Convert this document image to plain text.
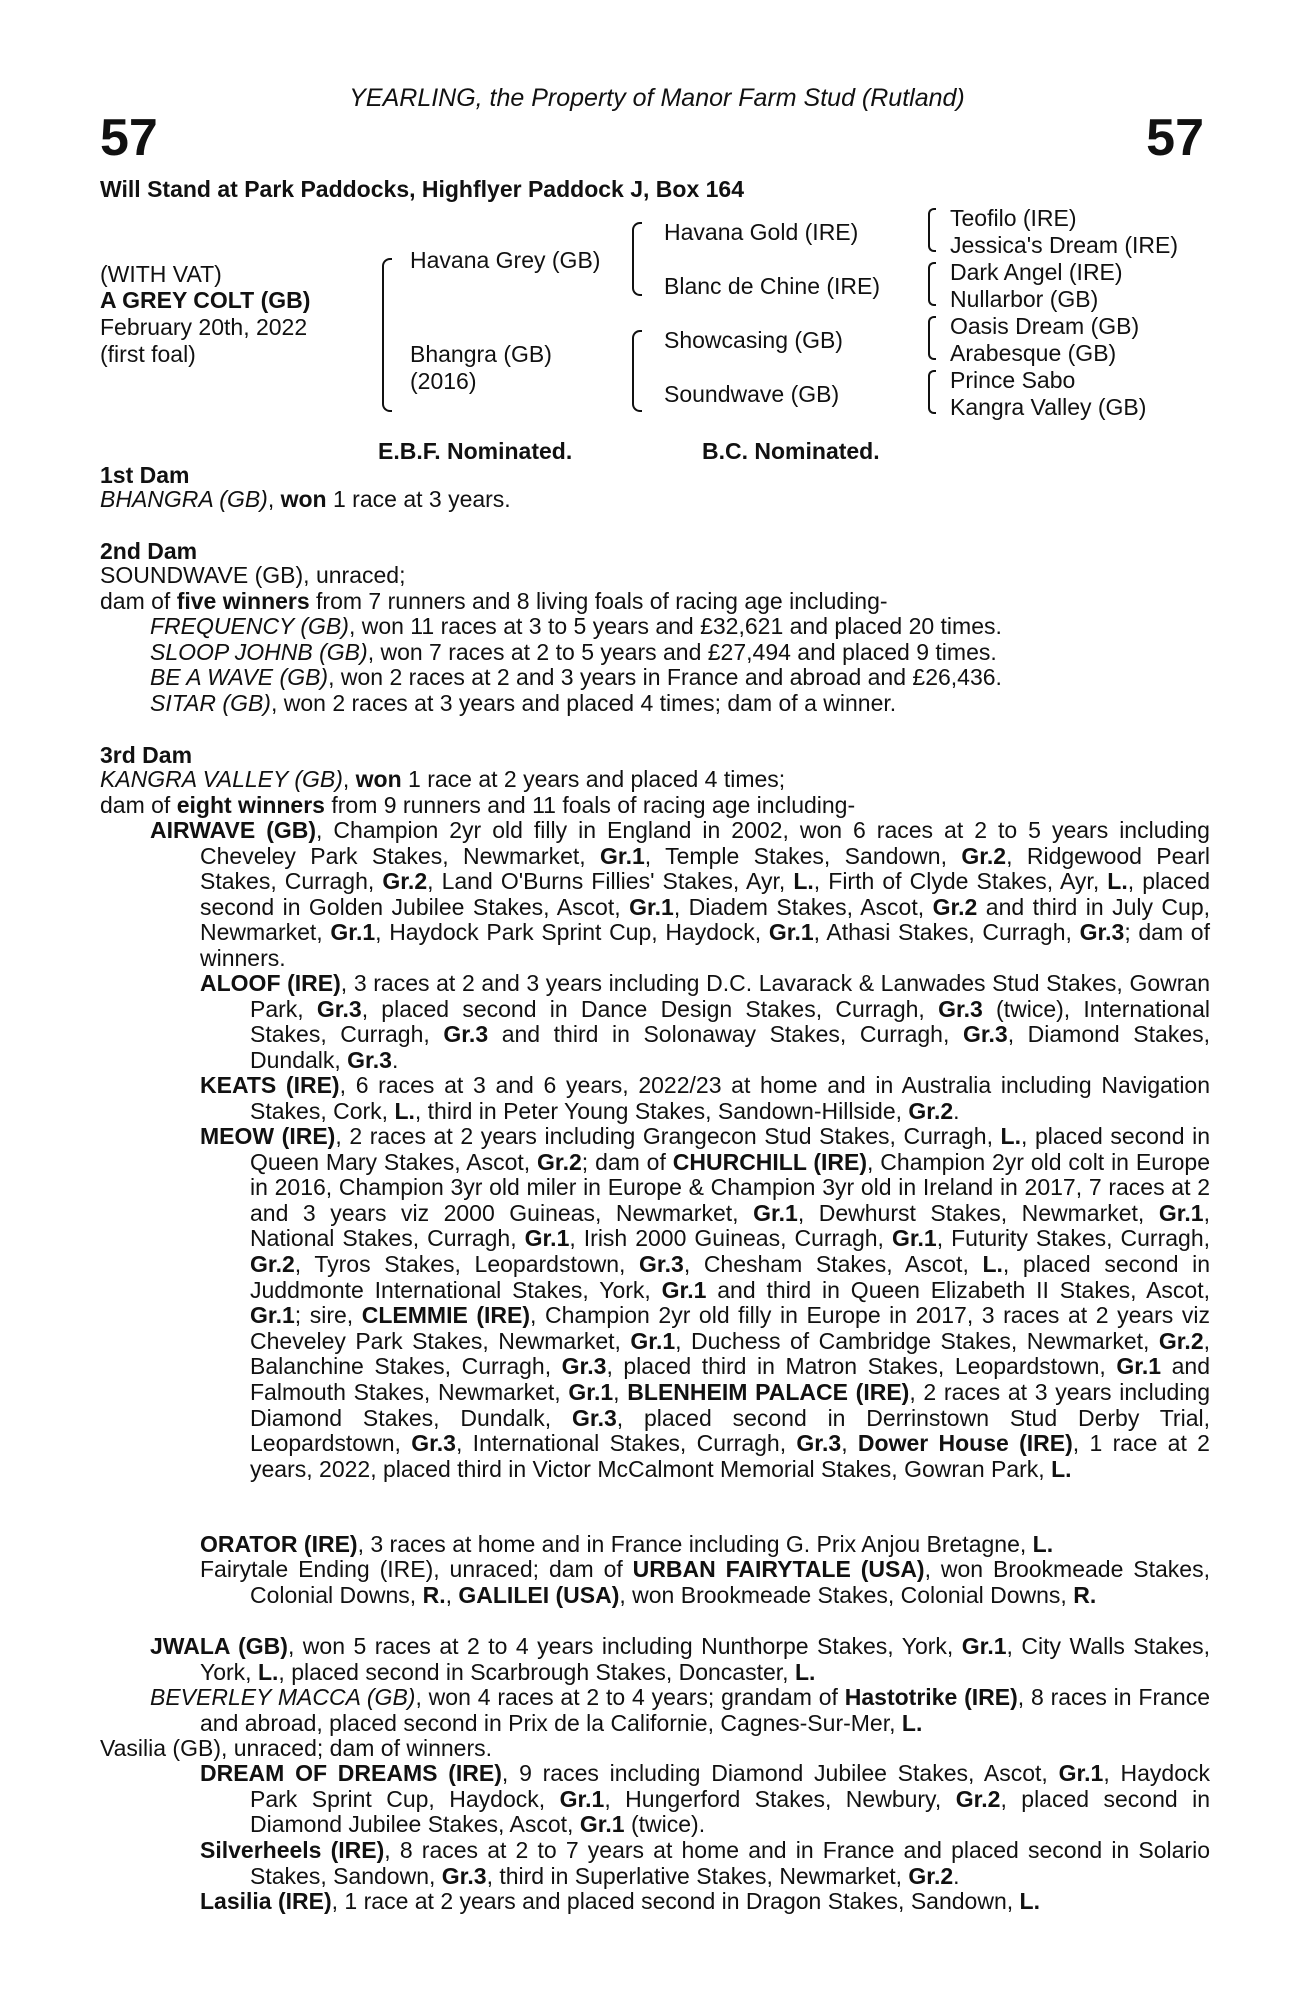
YEARLING, the Property of Manor Farm Stud (Rutland)
57	57
Will Stand at Park Paddocks, Highflyer Paddock J, Box 164
(WITH VAT)
A GREY COLT (GB)
February 20th, 2022
(first foal)
Havana Grey (GB)
Bhangra (GB)
(2016)
Havana Gold (IRE)
Blanc de Chine (IRE)
Showcasing (GB)
Soundwave (GB)
Teofilo (IRE)
Jessica's Dream (IRE)
Dark Angel (IRE)
Nullarbor (GB)
Oasis Dream (GB)
Arabesque (GB)
Prince Sabo
Kangra Valley (GB)
E.B.F. Nominated.	B.C. Nominated.
1st Dam
BHANGRA (GB), won 1 race at 3 years.
2nd Dam
SOUNDWAVE (GB), unraced;
dam of five winners from 7 runners and 8 living foals of racing age including-
FREQUENCY (GB), won 11 races at 3 to 5 years and £32,621 and placed 20 times.
SLOOP JOHNB (GB), won 7 races at 2 to 5 years and £27,494 and placed 9 times.
BE A WAVE (GB), won 2 races at 2 and 3 years in France and abroad and £26,436.
SITAR (GB), won 2 races at 3 years and placed 4 times; dam of a winner.
3rd Dam
KANGRA VALLEY (GB), won 1 race at 2 years and placed 4 times;
dam of eight winners from 9 runners and 11 foals of racing age including-
AIRWAVE (GB), Champion 2yr old filly in England in 2002, won 6 races at 2 to 5 years including Cheveley Park Stakes, Newmarket, Gr.1, Temple Stakes, Sandown, Gr.2, Ridgewood Pearl Stakes, Curragh, Gr.2, Land O'Burns Fillies' Stakes, Ayr, L., Firth of Clyde Stakes, Ayr, L., placed second in Golden Jubilee Stakes, Ascot, Gr.1, Diadem Stakes, Ascot, Gr.2 and third in July Cup, Newmarket, Gr.1, Haydock Park Sprint Cup, Haydock, Gr.1, Athasi Stakes, Curragh, Gr.3; dam of winners.
ALOOF (IRE), 3 races at 2 and 3 years including D.C. Lavarack & Lanwades Stud Stakes, Gowran Park, Gr.3, placed second in Dance Design Stakes, Curragh, Gr.3 (twice), International Stakes, Curragh, Gr.3 and third in Solonaway Stakes, Curragh, Gr.3, Diamond Stakes, Dundalk, Gr.3.
KEATS (IRE), 6 races at 3 and 6 years, 2022/23 at home and in Australia including Navigation Stakes, Cork, L., third in Peter Young Stakes, Sandown-Hillside, Gr.2.
MEOW (IRE), 2 races at 2 years including Grangecon Stud Stakes, Curragh, L., placed second in Queen Mary Stakes, Ascot, Gr.2; dam of CHURCHILL (IRE), Champion 2yr old colt in Europe in 2016, Champion 3yr old miler in Europe & Champion 3yr old in Ireland in 2017, 7 races at 2 and 3 years viz 2000 Guineas, Newmarket, Gr.1, Dewhurst Stakes, Newmarket, Gr.1, National Stakes, Curragh, Gr.1, Irish 2000 Guineas, Curragh, Gr.1, Futurity Stakes, Curragh, Gr.2, Tyros Stakes, Leopardstown, Gr.3, Chesham Stakes, Ascot, L., placed second in Juddmonte International Stakes, York, Gr.1 and third in Queen Elizabeth II Stakes, Ascot, Gr.1; sire, CLEMMIE (IRE), Champion 2yr old filly in Europe in 2017, 3 races at 2 years viz Cheveley Park Stakes, Newmarket, Gr.1, Duchess of Cambridge Stakes, Newmarket, Gr.2, Balanchine Stakes, Curragh, Gr.3, placed third in Matron Stakes, Leopardstown, Gr.1 and Falmouth Stakes, Newmarket, Gr.1, BLENHEIM PALACE (IRE), 2 races at 3 years including Diamond Stakes, Dundalk, Gr.3, placed second in Derrinstown Stud Derby Trial, Leopardstown, Gr.3, International Stakes, Curragh, Gr.3, Dower House (IRE), 1 race at 2 years, 2022, placed third in Victor McCalmont Memorial Stakes, Gowran Park, L.
ORATOR (IRE), 3 races at home and in France including G. Prix Anjou Bretagne, L.
Fairytale Ending (IRE), unraced; dam of URBAN FAIRYTALE (USA), won Brookmeade Stakes, Colonial Downs, R., GALILEI (USA), won Brookmeade Stakes, Colonial Downs, R.
JWALA (GB), won 5 races at 2 to 4 years including Nunthorpe Stakes, York, Gr.1, City Walls Stakes, York, L., placed second in Scarbrough Stakes, Doncaster, L.
BEVERLEY MACCA (GB), won 4 races at 2 to 4 years; grandam of Hastotrike (IRE), 8 races in France and abroad, placed second in Prix de la Californie, Cagnes-Sur-Mer, L.
Vasilia (GB), unraced; dam of winners.
DREAM OF DREAMS (IRE), 9 races including Diamond Jubilee Stakes, Ascot, Gr.1, Haydock Park Sprint Cup, Haydock, Gr.1, Hungerford Stakes, Newbury, Gr.2, placed second in Diamond Jubilee Stakes, Ascot, Gr.1 (twice).
Silverheels (IRE), 8 races at 2 to 7 years at home and in France and placed second in Solario Stakes, Sandown, Gr.3, third in Superlative Stakes, Newmarket, Gr.2.
Lasilia (IRE), 1 race at 2 years and placed second in Dragon Stakes, Sandown, L.
